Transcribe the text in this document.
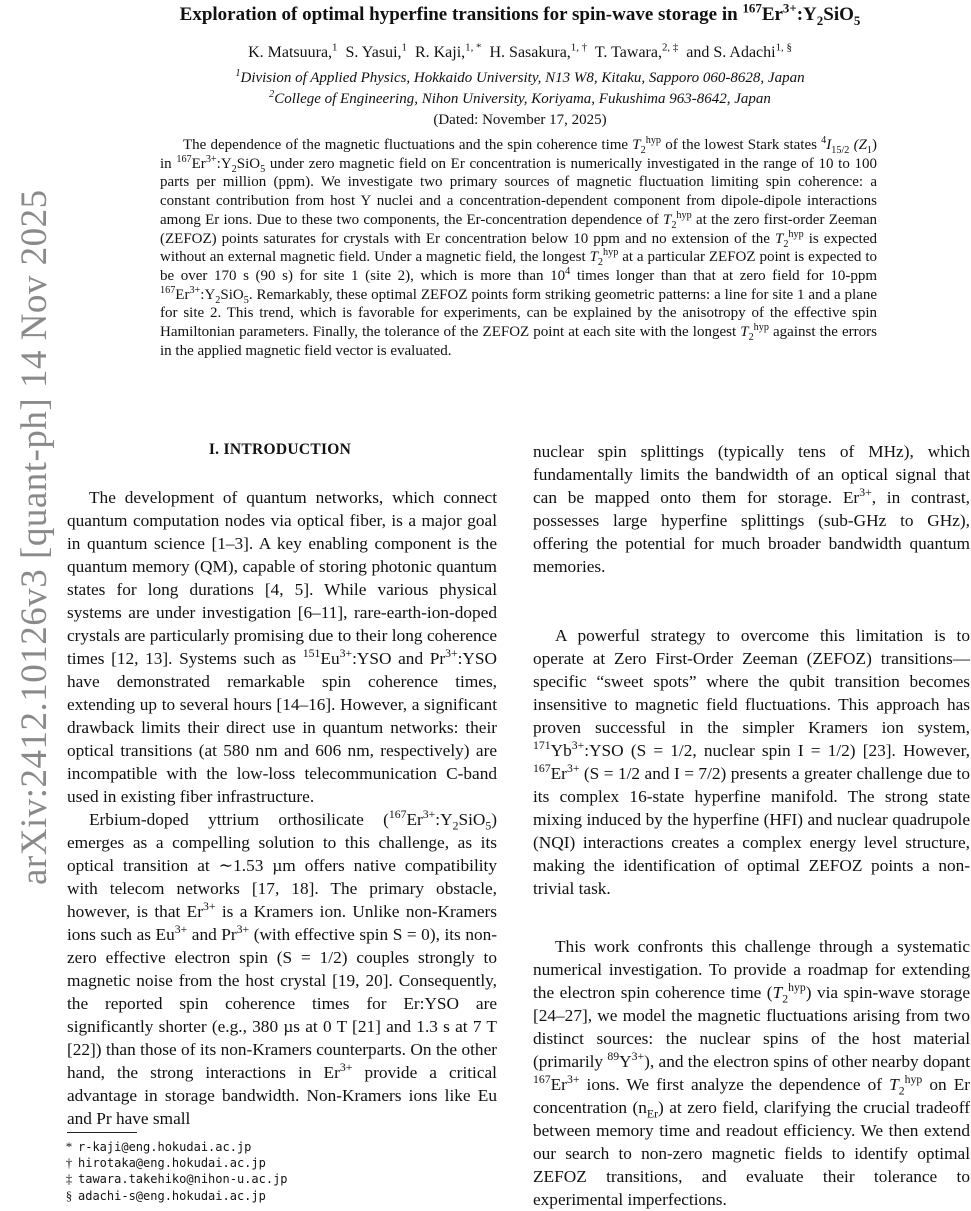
arXiv:2412.10126v3 [quant-ph] 14 Nov 2025
Exploration of optimal hyperfine transitions for spin-wave storage in $^{167}Er^{3+}:Y_2SiO_5$
K. Matsuura,$^1$ S. Yasui,$^1$ R. Kaji,$^{1, *}$ H. Sasakura,$^{1, \dagger}$ T. Tawara,$^{2, \ddagger}$ and S. Adachi$^{1, \S}$
$^1$Division of Applied Physics, Hokkaido University, N13 W8, Kitaku, Sapporo 060-8628, Japan
$^2$College of Engineering, Nihon University, Koriyama, Fukushima 963-8642, Japan
(Dated: November 17, 2025)
The dependence of the magnetic fluctuations and the spin coherence time $T_2^{hyp}$ of the lowest Stark states $^4I_{15/2}$ $(Z_1)$ in $^{167}Er^{3+}:Y_2SiO_5$ under zero magnetic field on Er concentration is numerically investigated in the range of 10 to 100 parts per million (ppm). We investigate two primary sources of magnetic fluctuation limiting spin coherence: a constant contribution from host Y nuclei and a concentration-dependent component from dipole-dipole interactions among Er ions. Due to these two components, the Er-concentration dependence of $T_2^{hyp}$ at the zero first-order Zeeman (ZEFOZ) points saturates for crystals with Er concentration below 10 ppm and no extension of the $T_2^{hyp}$ is expected without an external magnetic field. Under a magnetic field, the longest $T_2^{hyp}$ at a particular ZEFOZ point is expected to be over 170 s (90 s) for site 1 (site 2), which is more than $10^4$ times longer than that at zero field for 10-ppm $^{167}Er^{3+}:Y_2SiO_5$. Remarkably, these optimal ZEFOZ points form striking geometric patterns: a line for site 1 and a plane for site 2. This trend, which is favorable for experiments, can be explained by the anisotropy of the effective spin Hamiltonian parameters. Finally, the tolerance of the ZEFOZ point at each site with the longest $T_2^{hyp}$ against the errors in the applied magnetic field vector is evaluated.
I. INTRODUCTION

The development of quantum networks, which connect quantum computation nodes via optical fiber, is a major goal in quantum science [1–3]. A key enabling component is the quantum memory (QM), capable of storing photonic quantum states for long durations [4, 5]. While various physical systems are under investigation [6–11], rare-earth-ion-doped crystals are particularly promising due to their long coherence times [12, 13]. Systems such as $^{151}Eu^{3+}:YSO$ and $Pr^{3+}:YSO$ have demonstrated remarkable spin coherence times, extending up to several hours [14–16]. However, a significant drawback limits their direct use in quantum networks: their optical transitions (at 580 nm and 606 nm, respectively) are incompatible with the low-loss telecommunication C-band used in existing fiber infrastructure.

Erbium-doped yttrium orthosilicate $(^{167}Er^{3+}:Y_2SiO_5)$ emerges as a compelling solution to this challenge, as its optical transition at ∼1.53 µm offers native compatibility with telecom networks [17, 18]. The primary obstacle, however, is that $Er^{3+}$ is a Kramers ion. Unlike non-Kramers ions such as $Eu^{3+}$ and $Pr^{3+}$ (with effective spin S = 0), its non-zero effective electron spin (S = 1/2) couples strongly to magnetic noise from the host crystal [19, 20]. Consequently, the reported spin coherence times for Er:YSO are significantly shorter (e.g., 380 µs at 0 T [21] and 1.3 s at 7 T [22]) than those of its non-Kramers counterparts. On the other hand, the strong interactions in $Er^{3+}$ provide a critical advantage in storage bandwidth. Non-Kramers ions like Eu and Pr have small

nuclear spin splittings (typically tens of MHz), which fundamentally limits the bandwidth of an optical signal that can be mapped onto them for storage. $Er^{3+}$, in contrast, possesses large hyperfine splittings (sub-GHz to GHz), offering the potential for much broader bandwidth quantum memories.

A powerful strategy to overcome this limitation is to operate at Zero First-Order Zeeman (ZEFOZ) transitions—specific “sweet spots” where the qubit transition becomes insensitive to magnetic field fluctuations. This approach has proven successful in the simpler Kramers ion system, $^{171}Yb^{3+}:YSO$ (S = 1/2, nuclear spin I = 1/2) [23]. However, $^{167}Er^{3+}$ (S = 1/2 and I = 7/2) presents a greater challenge due to its complex 16-state hyperfine manifold. The strong state mixing induced by the hyperfine (HFI) and nuclear quadrupole (NQI) interactions creates a complex energy level structure, making the identification of optimal ZEFOZ points a non-trivial task.

This work confronts this challenge through a systematic numerical investigation. To provide a roadmap for extending the electron spin coherence time $(T_2^{hyp})$ via spin-wave storage [24–27], we model the magnetic fluctuations arising from two distinct sources: the nuclear spins of the host material (primarily $^{89}Y^{3+}$), and the electron spins of other nearby dopant $^{167}Er^{3+}$ ions. We first analyze the dependence of $T_2^{hyp}$ on Er concentration $(n_{Er})$ at zero field, clarifying the crucial tradeoff between memory time and readout efficiency. We then extend our search to non-zero magnetic fields to identify optimal ZEFOZ transitions, and evaluate their tolerance to experimental imperfections.

* r-kaji@eng.hokudai.ac.jp
† hirotaka@eng.hokudai.ac.jp
‡ tawara.takehiko@nihon-u.ac.jp
§ adachi-s@eng.hokudai.ac.jp
